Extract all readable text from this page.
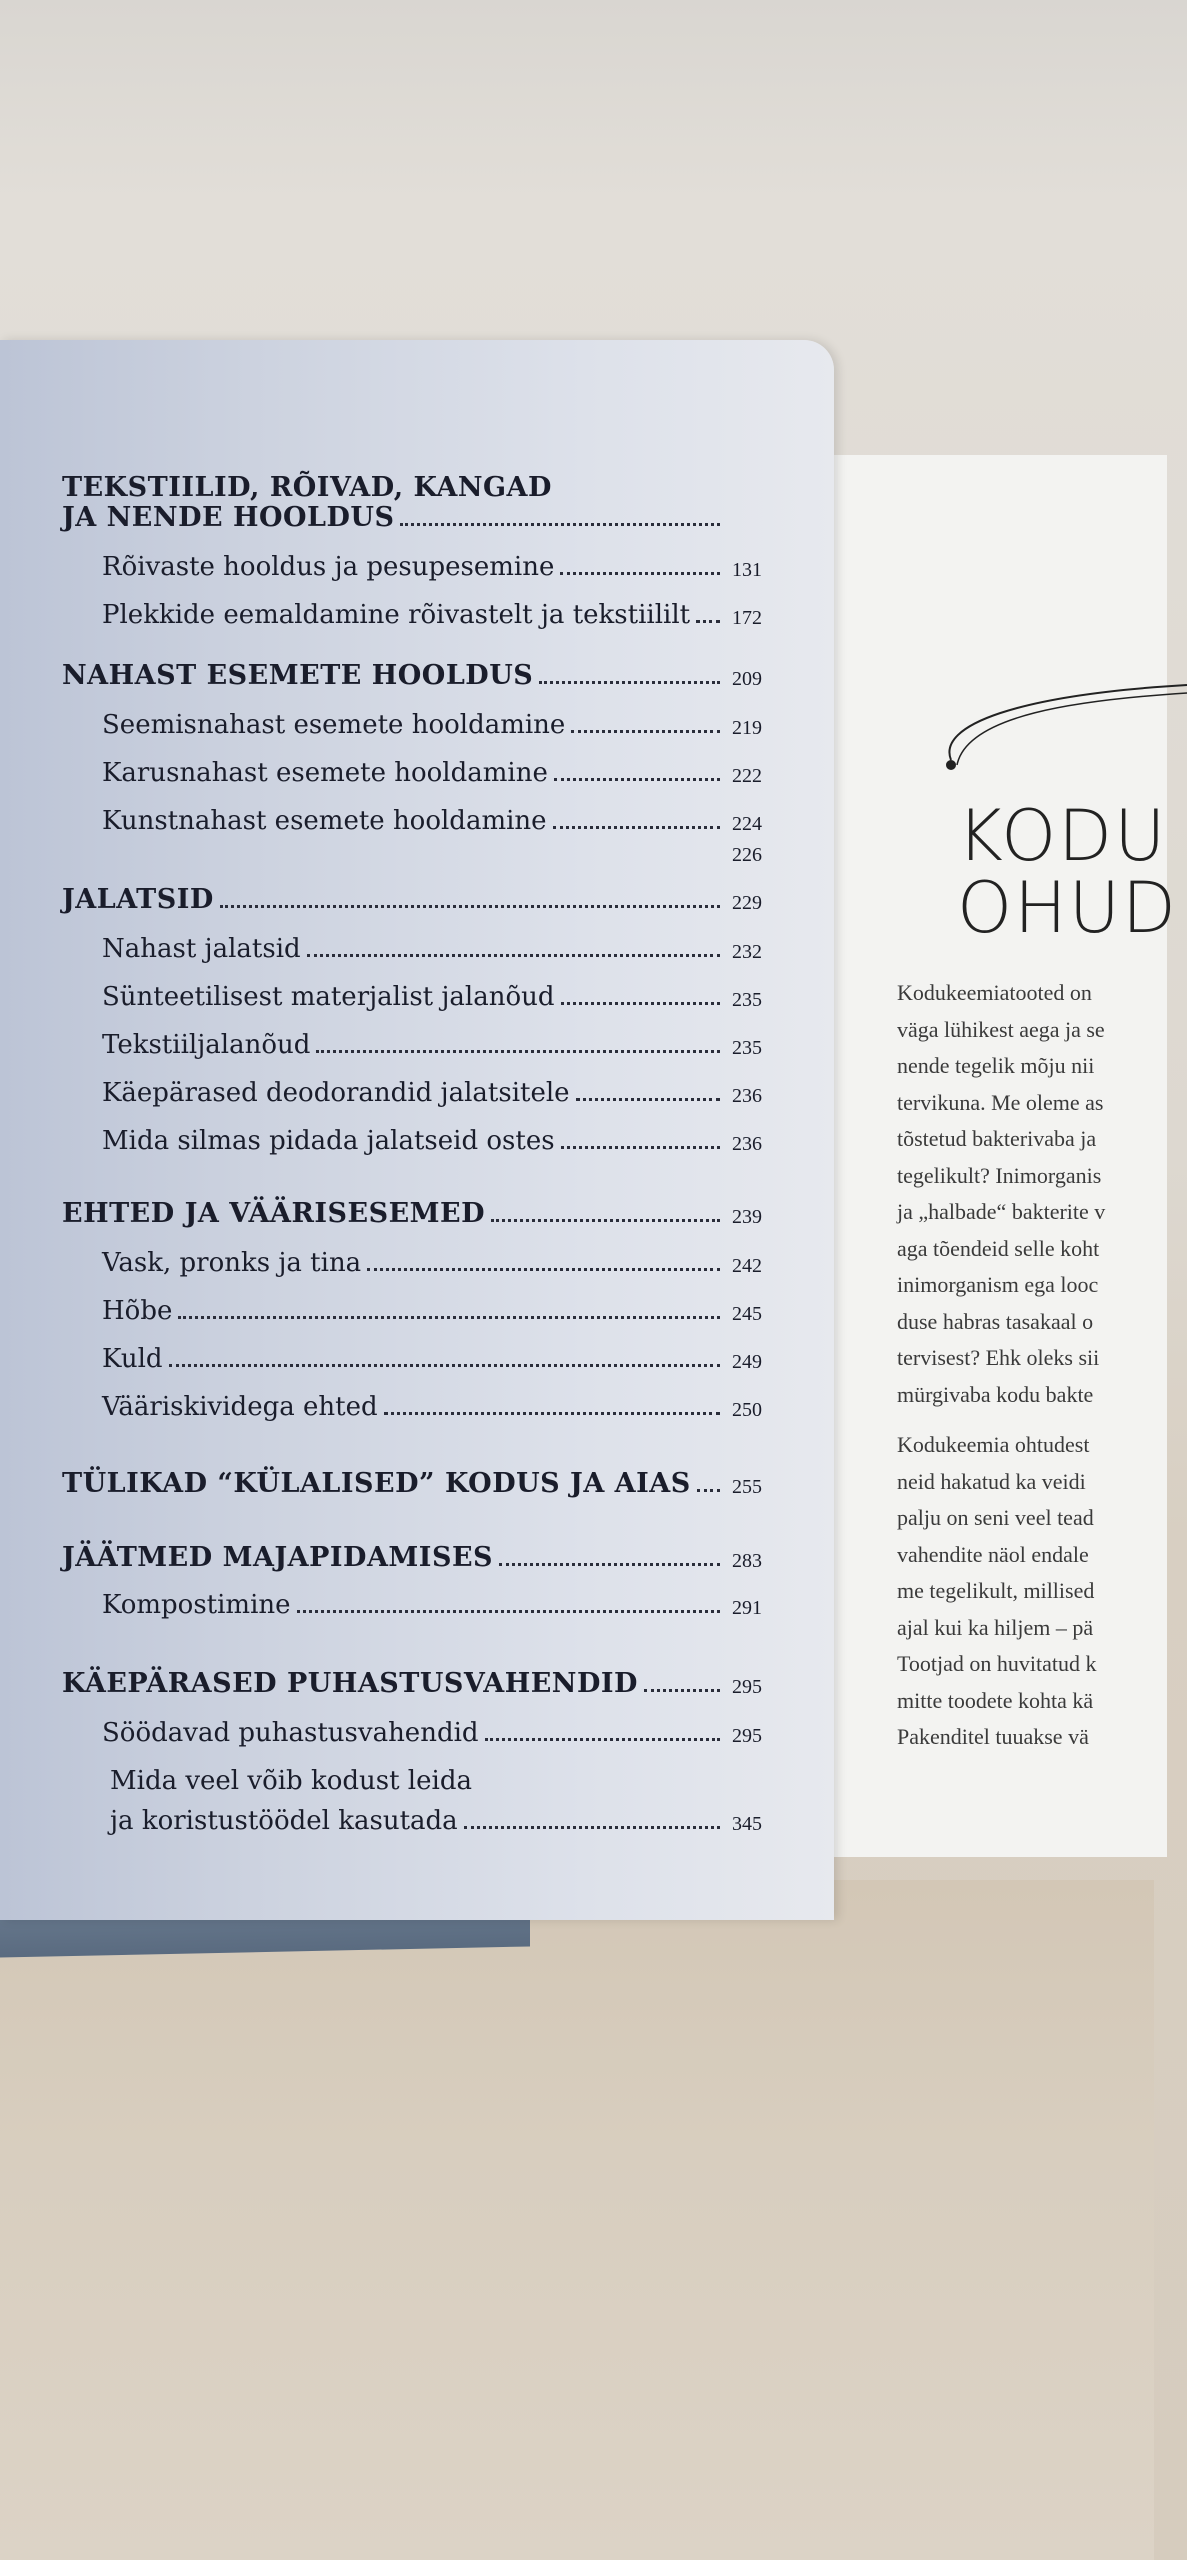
KODU
OHUD

Kodukeemiatooted on
väga lühikest aega ja se
nende tegelik mõju nii
tervikuna. Me oleme as
tõstetud bakterivaba ja
tegelikult? Inimorganis
ja „halbade“ bakterite v
aga tõendeid selle koht
inimorganism ega looc
duse habras tasakaal o
tervisest? Ehk oleks sii
mürgivaba kodu bakte

Kodukeemia ohtudest
neid hakatud ka veidi
palju on seni veel tead
vahendite näol endale
me tegelikult, millised
ajal kui ka hiljem – pä
Tootjad on huvitatud k
mitte toodete kohta kä
Pakenditel tuuakse vä

TEKSTIILID, RÕIVAD, KANGAD
JA NENDE HOOLDUS
Rõivaste hooldus ja pesupesemine	131
Plekkide eemaldamine rõivastelt ja tekstiililt	172
NAHAST ESEMETE HOOLDUS	209
Seemisnahast esemete hooldamine	219
Karusnahast esemete hooldamine	222
Kunstnahast esemete hooldamine	224
226
JALATSID	229
Nahast jalatsid	232
Sünteetilisest materjalist jalanõud	235
Tekstiiljalanõud	235
Käepärased deodorandid jalatsitele	236
Mida silmas pidada jalatseid ostes	236
EHTED JA VÄÄRISESEMED	239
Vask, pronks ja tina	242
Hõbe	245
Kuld	249
Vääriskividega ehted	250
TÜLIKAD “KÜLALISED” KODUS JA AIAS	255
JÄÄTMED MAJAPIDAMISES	283
Kompostimine	291
KÄEPÄRASED PUHASTUSVAHENDID	295
Söödavad puhastusvahendid	295
Mida veel võib kodust leida
ja koristustöödel kasutada	345
